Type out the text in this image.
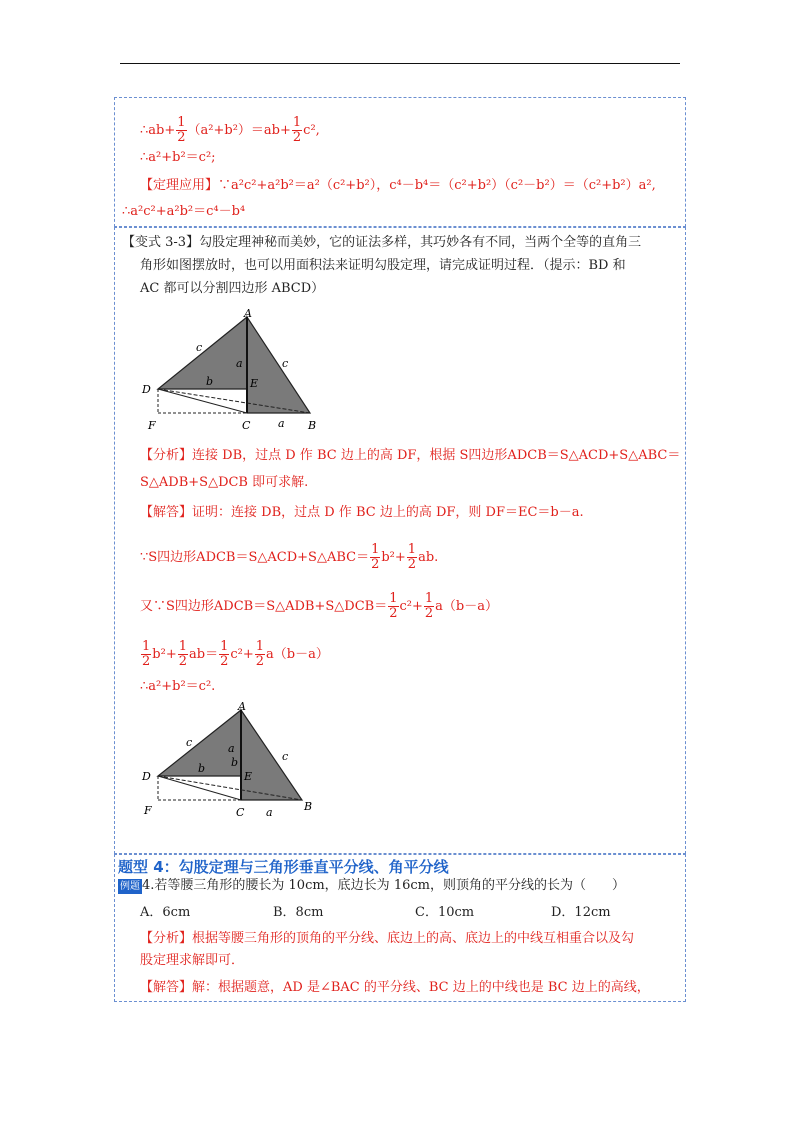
∴ab+ $\frac{1}{2} (a^2+b^2)=ab+ \frac{1}{2} c^2$,
∴a²+b²＝c²;
【定理应用】∵a²c²+a²b²＝a²（c²+b²），c⁴－b⁴＝（c²+b²）（c²－b²）＝（c²+b²）a²,
∴a²c²+a²b²＝c⁴－b⁴
【变式 3-3】勾股定理神秘而美妙，它的证法多样，其巧妙各有不同，当两个全等的直角三
角形如图摆放时，也可以用面积法来证明勾股定理，请完成证明过程．（提示：BD 和
AC 都可以分割四边形 ABCD）
A
D	E
C	B
F
c
c
a
b
a
【分析】连接 DB，过点 D 作 BC 边上的高 DF，根据 S四边形ADCB＝S△ACD+S△ABC＝
S△ADB+S△DCB 即可求解.
【解答】证明：连接 DB，过点 D 作 BC 边上的高 DF，则 DF＝EC＝b－a.
∵S四边形ADCB＝S△ACD+S△ABC＝ $\frac{1}{2} b^2+ \frac{1}{2}$ ab.
又∵S四边形ADCB＝S△ADB+S△DCB＝ $\frac{1}{2} c^2+ \frac{1}{2} a(b-a)$
$\frac{1}{2} b^2+ \frac{1}{2} ab= \frac{1}{2} c^2+ \frac{1}{2} a(b-a)$
∴a²+b²＝c².
A
D	E
C	B
F
c
c
a
b
b
a
题型 4：勾股定理与三角形垂直平分线、角平分线
例题 4.若等腰三角形的腰长为 10cm，底边长为 16cm，则顶角的平分线的长为（　　）
A．6cm	B．8cm	C．10cm	D．12cm
【分析】根据等腰三角形的顶角的平分线、底边上的高、底边上的中线互相重合以及勾
股定理求解即可．
【解答】解：根据题意，AD 是∠BAC 的平分线、BC 边上的中线也是 BC 边上的高线，
